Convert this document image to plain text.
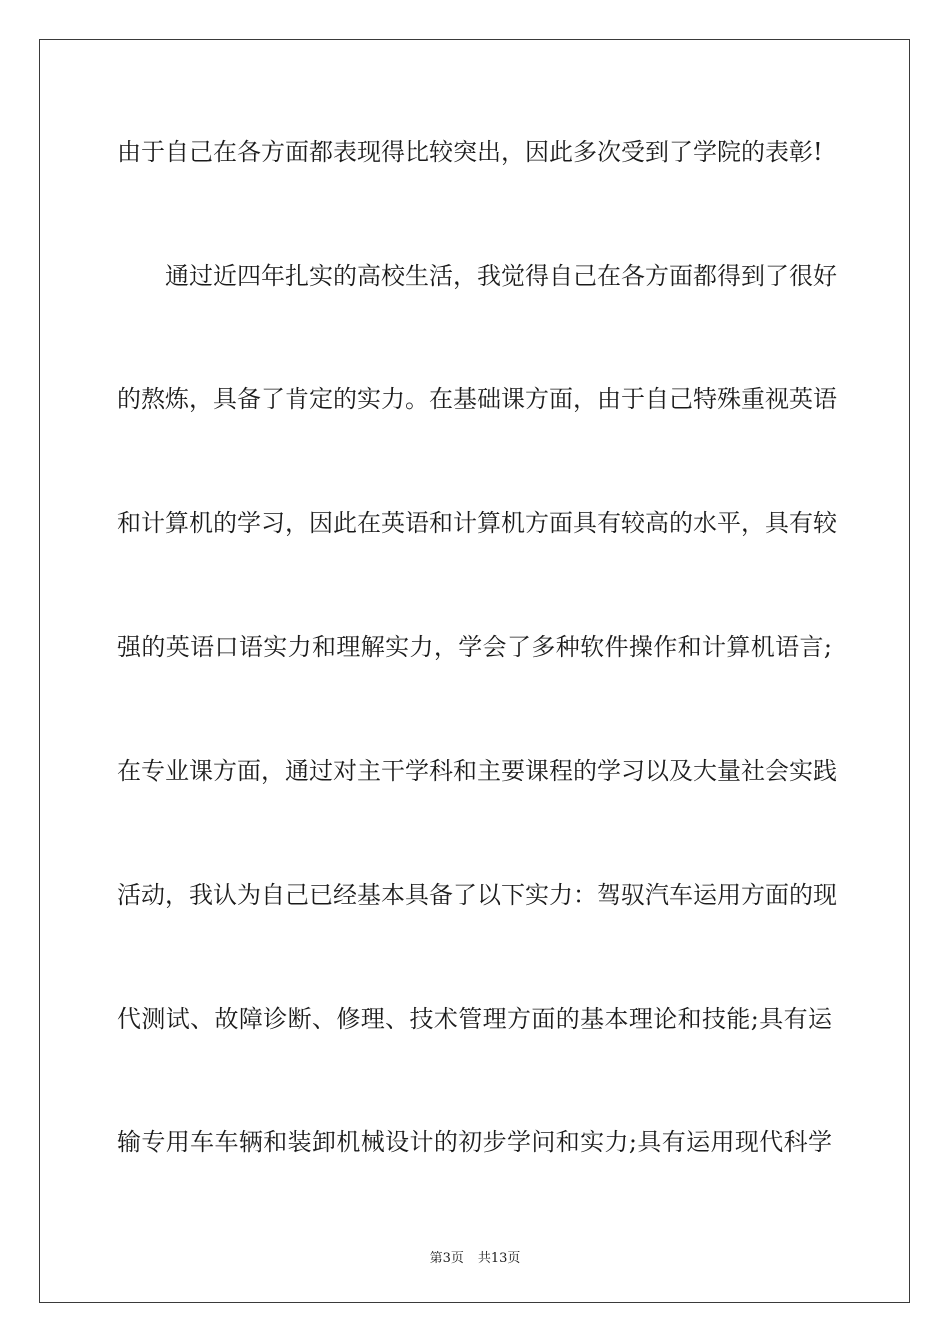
由于自己在各方面都表现得比较突出，因此多次受到了学院的表彰!
通过近四年扎实的高校生活，我觉得自己在各方面都得到了很好
的熬炼，具备了肯定的实力。在基础课方面，由于自己特殊重视英语
和计算机的学习，因此在英语和计算机方面具有较高的水平，具有较
强的英语口语实力和理解实力，学会了多种软件操作和计算机语言;
在专业课方面，通过对主干学科和主要课程的学习以及大量社会实践
活动，我认为自己已经基本具备了以下实力：驾驭汽车运用方面的现
代测试、故障诊断、修理、技术管理方面的基本理论和技能;具有运
输专用车车辆和装卸机械设计的初步学问和实力;具有运用现代科学
第3页 共13页
